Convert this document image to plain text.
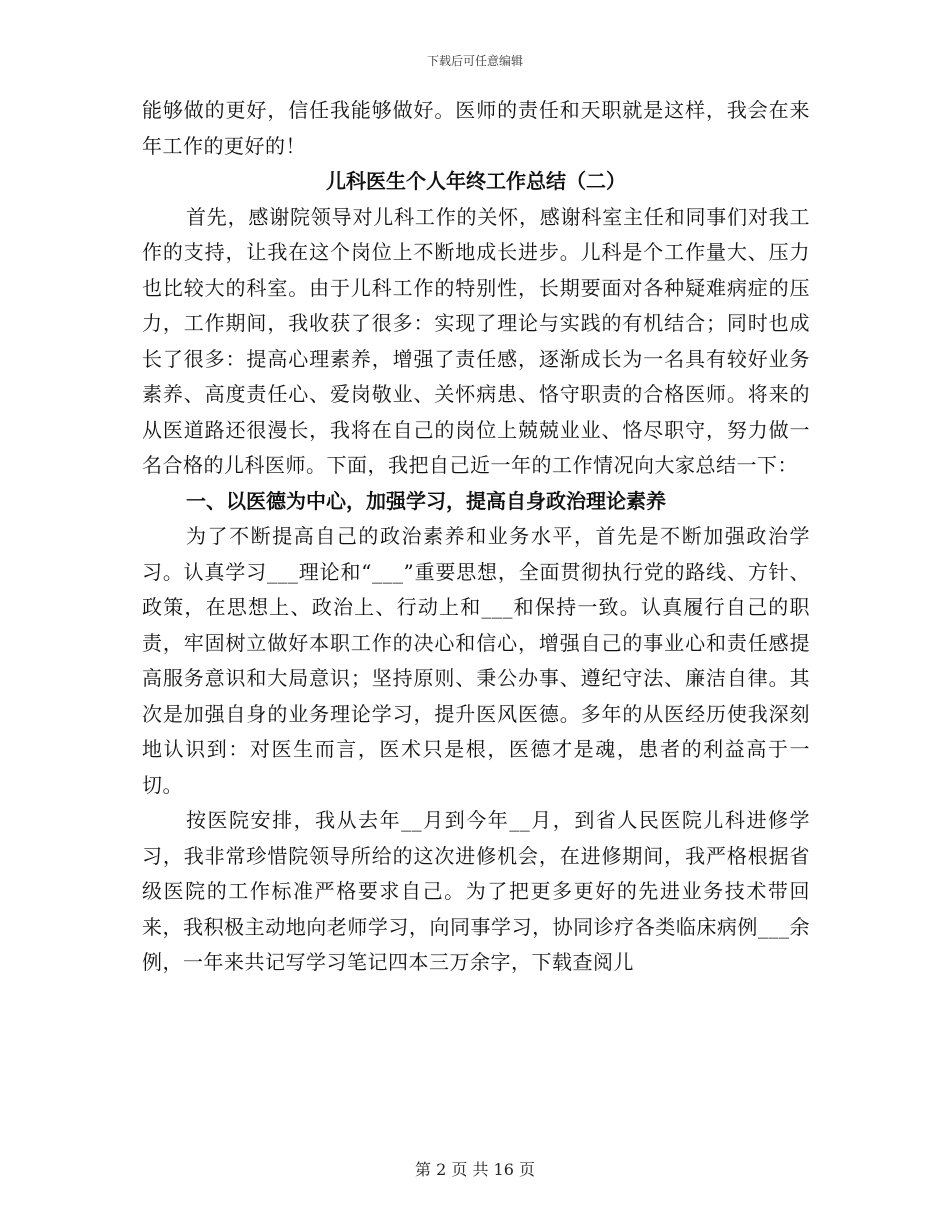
下载后可任意编辑

能够做的更好，信任我能够做好。医师的责任和天职就是这样，我会在来年工作的更好的！

儿科医生个人年终工作总结（二）

首先，感谢院领导对儿科工作的关怀，感谢科室主任和同事们对我工作的支持，让我在这个岗位上不断地成长进步。儿科是个工作量大、压力也比较大的科室。由于儿科工作的特别性，长期要面对各种疑难病症的压力，工作期间，我收获了很多：实现了理论与实践的有机结合；同时也成长了很多：提高心理素养，增强了责任感，逐渐成长为一名具有较好业务素养、高度责任心、爱岗敬业、关怀病患、恪守职责的合格医师。将来的从医道路还很漫长，我将在自己的岗位上兢兢业业、恪尽职守，努力做一名合格的儿科医师。下面，我把自己近一年的工作情况向大家总结一下：

一、以医德为中心，加强学习，提高自身政治理论素养

为了不断提高自己的政治素养和业务水平，首先是不断加强政治学习。认真学习___理论和“___”重要思想，全面贯彻执行党的路线、方针、政策，在思想上、政治上、行动上和___和保持一致。认真履行自己的职责，牢固树立做好本职工作的决心和信心，增强自己的事业心和责任感提高服务意识和大局意识；坚持原则、秉公办事、遵纪守法、廉洁自律。其次是加强自身的业务理论学习，提升医风医德。多年的从医经历使我深刻地认识到：对医生而言，医术只是根，医德才是魂，患者的利益高于一切。

按医院安排，我从去年__月到今年__月，到省人民医院儿科进修学习，我非常珍惜院领导所给的这次进修机会，在进修期间，我严格根据省级医院的工作标准严格要求自己。为了把更多更好的先进业务技术带回来，我积极主动地向老师学习，向同事学习，协同诊疗各类临床病例___余例，一年来共记写学习笔记四本三万余字，下载查阅儿

第 2 页 共 16 页
